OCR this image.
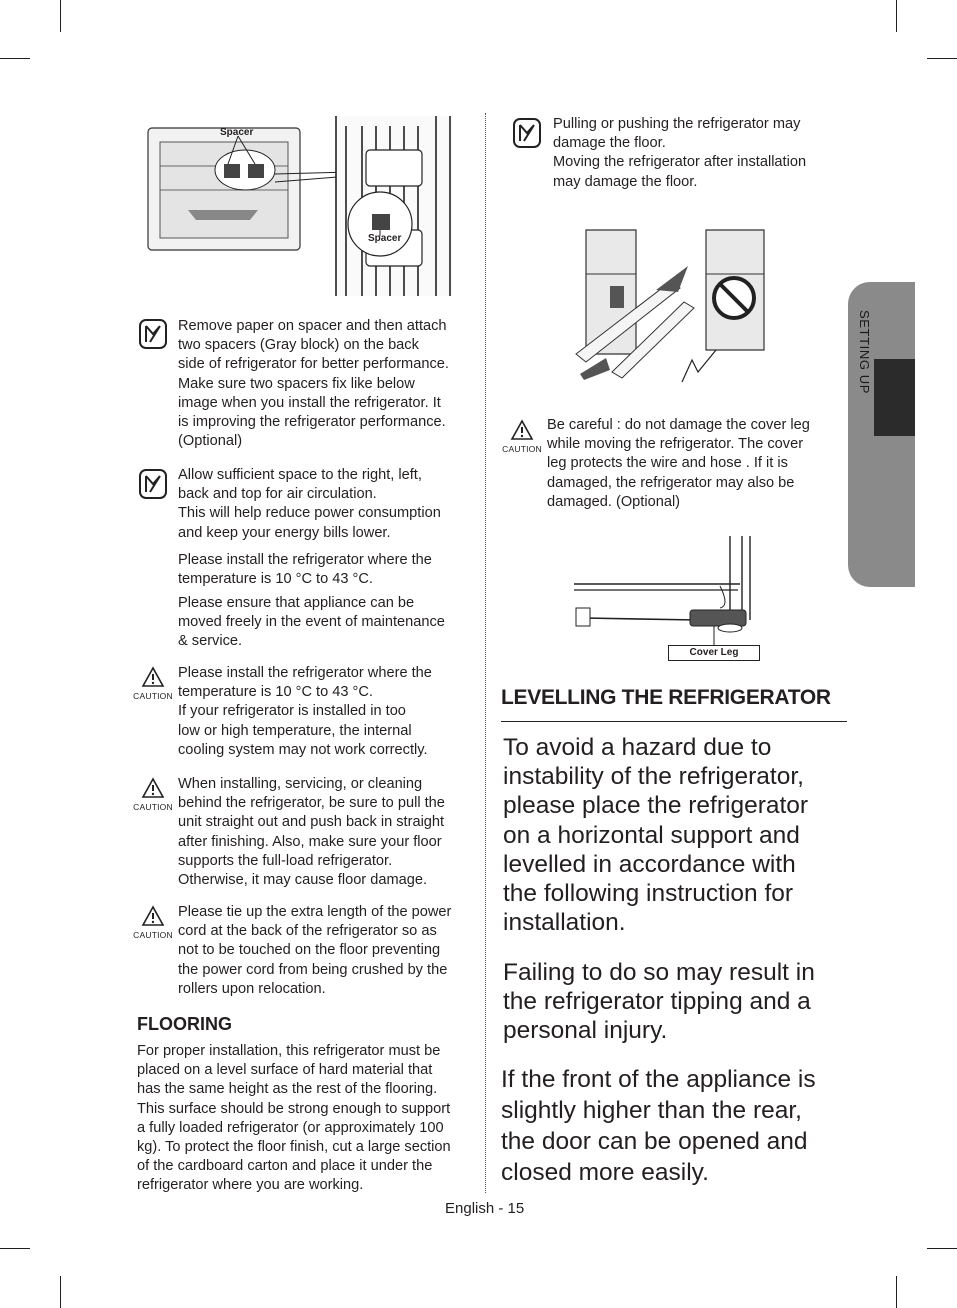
SETTING UP
Spacer
Spacer

Remove paper on spacer and then attach

two spacers (Gray block) on the back

side of refrigerator for better performance.

Make sure two spacers fix like below

image when you install the refrigerator. It

is improving the refrigerator performance.

(Optional)

Allow sufficient space to the right, left,

back and top for air circulation.

This will help reduce power consumption

and keep your energy bills lower.

Please install the refrigerator where the

temperature is 10 °C to 43 °C.

Please ensure that appliance can be

moved freely in the event of maintenance

& service.

CAUTION

Please install the refrigerator where the

temperature is 10 °C to 43 °C.

If your refrigerator is installed in too

low or high temperature, the internal

cooling system may not work correctly.

CAUTION

When installing, servicing, or cleaning

behind the refrigerator, be sure to pull the

unit straight out and push back in straight

after finishing. Also, make sure your floor

supports the full-load refrigerator.

Otherwise, it may cause floor damage.

CAUTION

Please tie up the extra length of the power

cord at the back of the refrigerator so as

not to be touched on the floor preventing

the power cord from being crushed by the

rollers upon relocation.

FLOORING

For proper installation, this refrigerator must be

placed on a level surface of hard material that

has the same height as the rest of the flooring.

This surface should be strong enough to support

a fully loaded refrigerator (or approximately 100

kg). To protect the floor finish, cut a large section

of the cardboard carton and place it under the

refrigerator where you are working.

Pulling or pushing the refrigerator may

damage the floor.

Moving the refrigerator after installation

may damage the floor.

CAUTION

Be careful : do not damage the cover leg

while moving the refrigerator. The cover

leg protects the wire and hose . If it is

damaged, the refrigerator may also be

damaged. (Optional)

Cover Leg
LEVELLING THE REFRIGERATOR

To avoid a hazard due to

instability of the refrigerator,

please place the refrigerator

on a horizontal support and

levelled in accordance with

the following instruction for

installation.

Failing to do so may result in

the refrigerator tipping and a

personal injury.

If the front of the appliance is

slightly higher than the rear,

the door can be opened and

closed more easily.

English - 15
